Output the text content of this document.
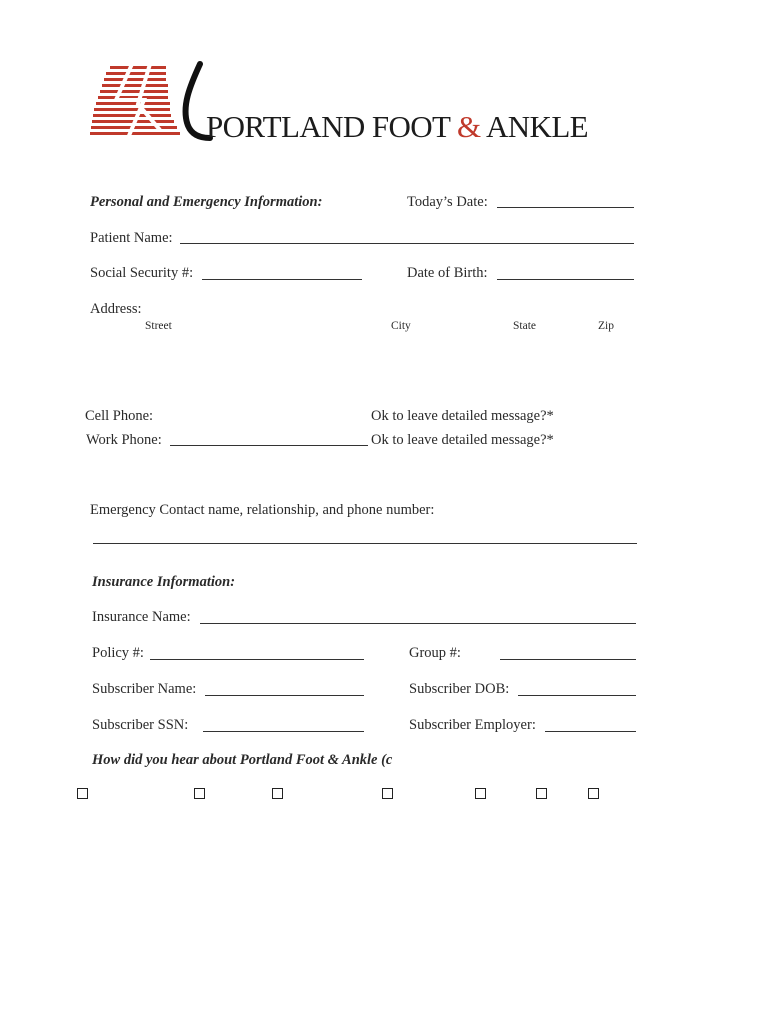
PORTLAND FOOT & ANKLE
Personal and Emergency Information:	Today’s Date:
Patient Name:
Social Security #:	Date of Birth:
Address:
Street	City	State	Zip
Cell Phone:	Ok to leave detailed message?*
Work Phone:	Ok to leave detailed message?*
Emergency Contact name, relationship, and phone number:
Insurance Information:
Insurance Name:
Policy #:	Group #:
Subscriber Name:	Subscriber DOB:
Subscriber SSN:	Subscriber Employer:
How did you hear about Portland Foot & Ankle (c
